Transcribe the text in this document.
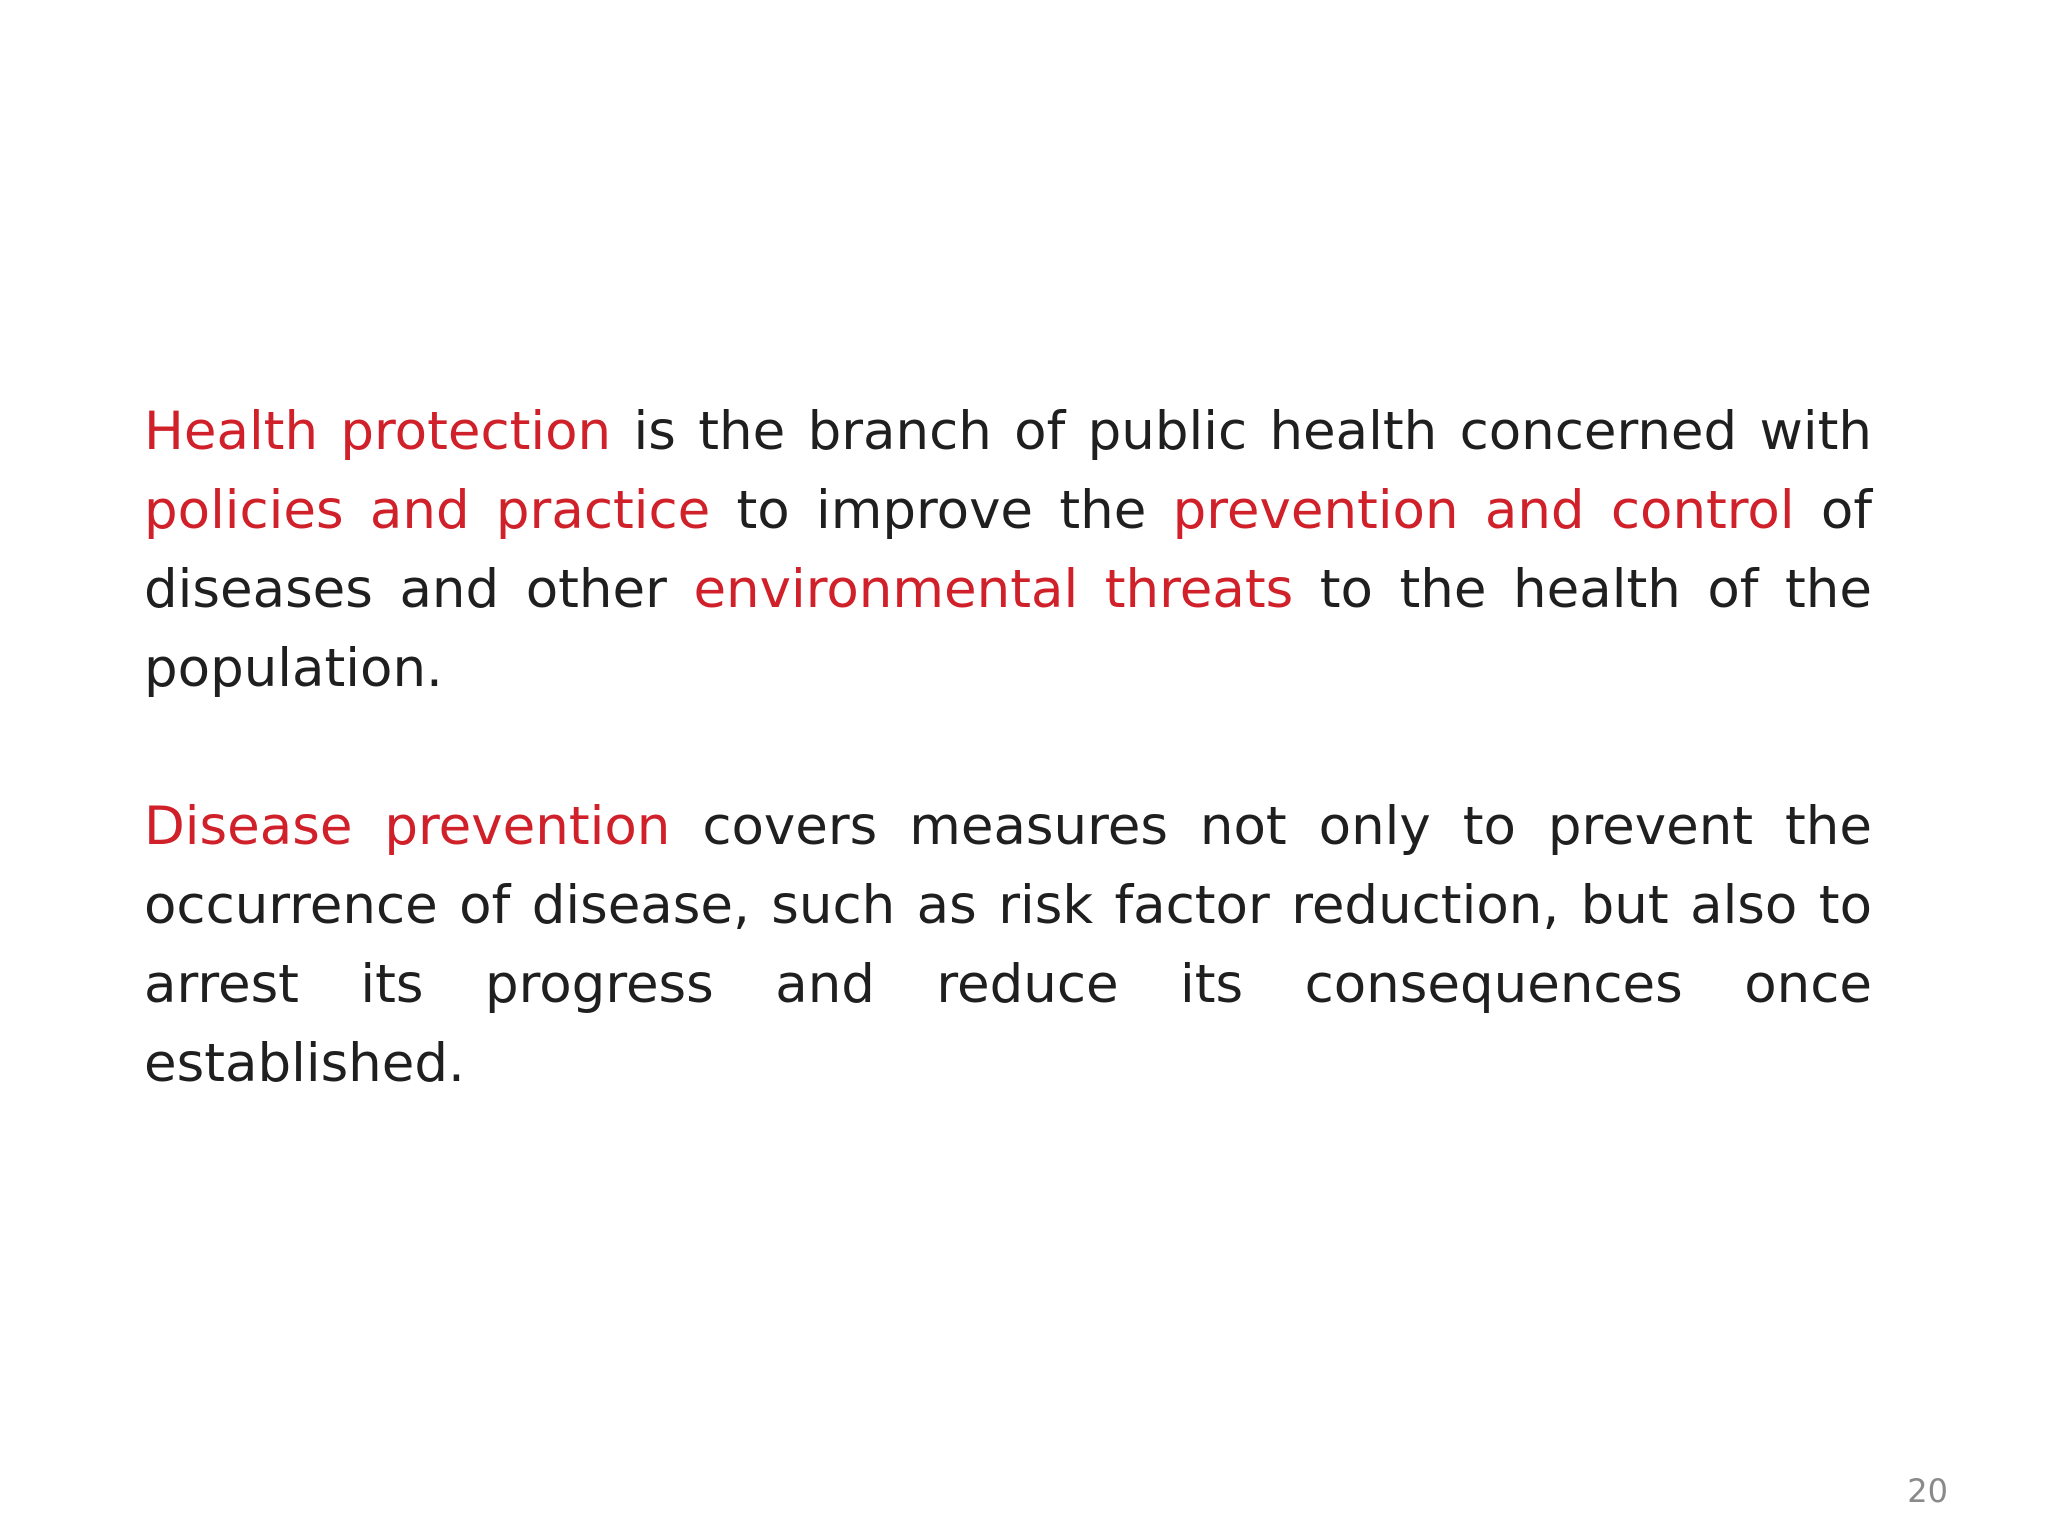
Health protection is the branch of public health concerned with policies and practice to improve the prevention and control of diseases and other environmental threats to the health of the population.

Disease prevention covers measures not only to prevent the occurrence of disease, such as risk factor reduction, but also to arrest its progress and reduce its consequences once established.

20
